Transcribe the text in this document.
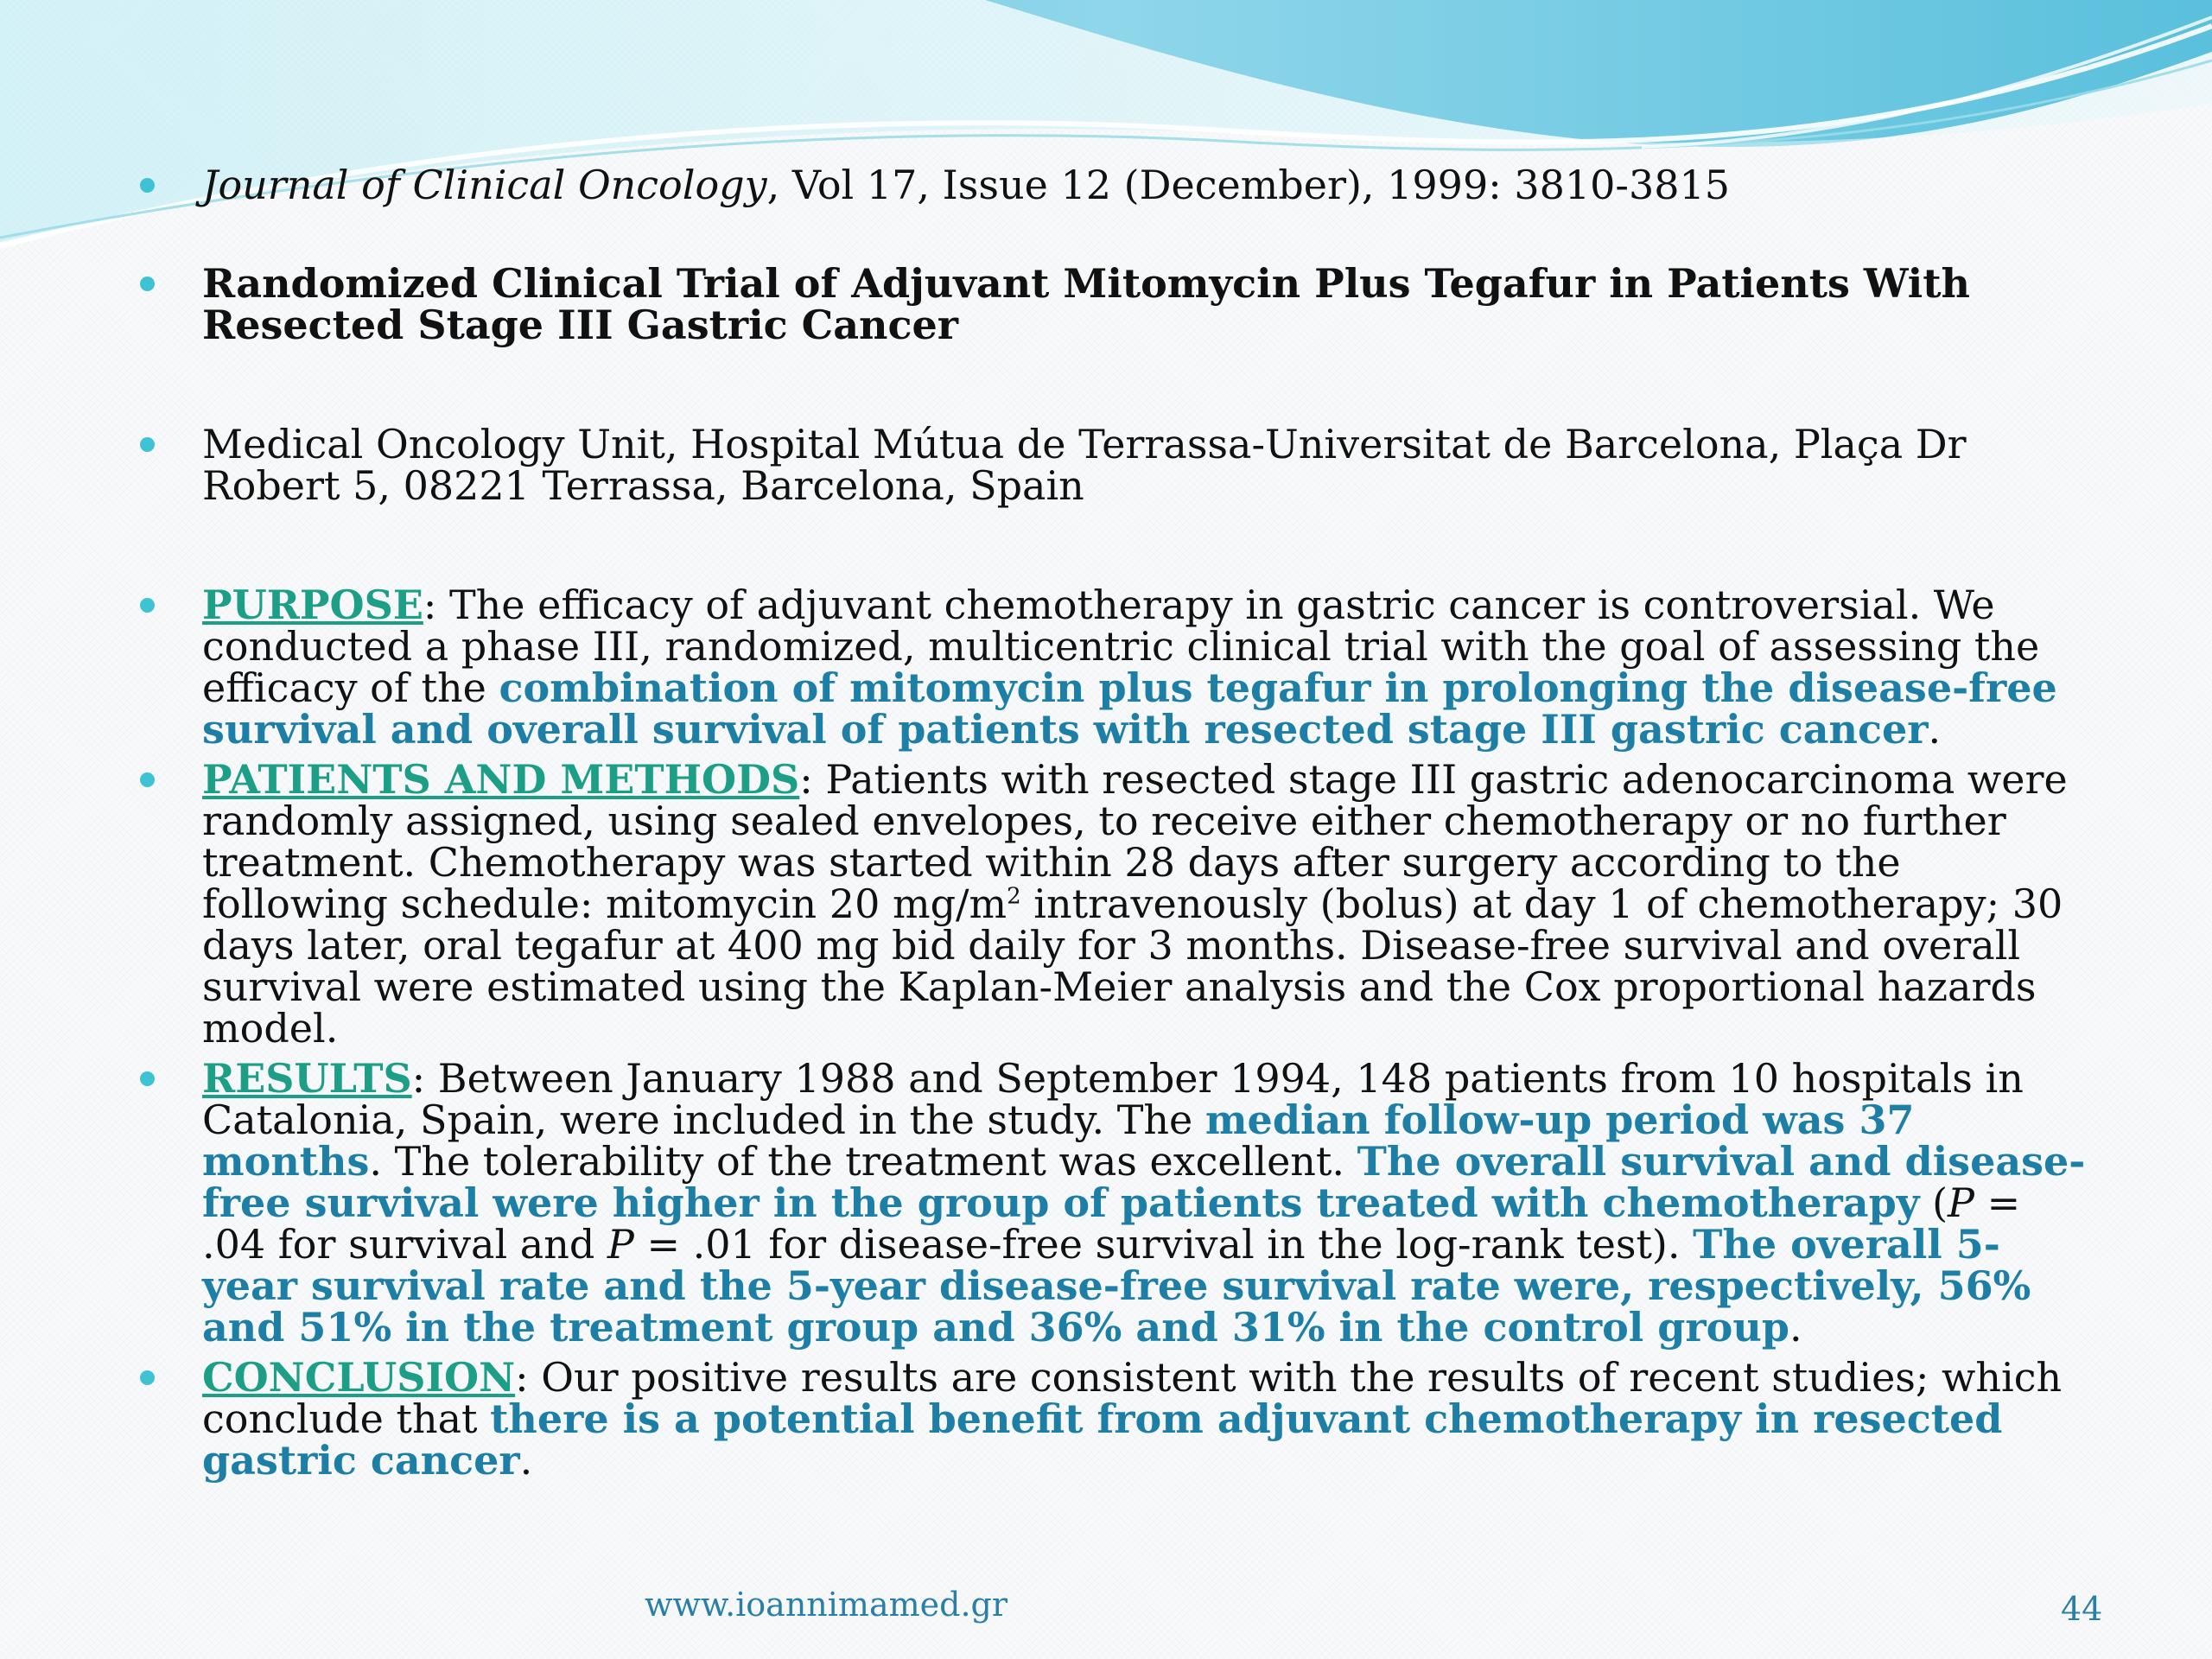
Journal of Clinical Oncology, Vol 17, Issue 12 (December), 1999: 3810-3815
Randomized Clinical Trial of Adjuvant Mitomycin Plus Tegafur in Patients With Resected Stage III Gastric Cancer
Medical Oncology Unit, Hospital Mútua de Terrassa-Universitat de Barcelona, Plaça Dr Robert 5, 08221 Terrassa, Barcelona, Spain
PURPOSE: The efficacy of adjuvant chemotherapy in gastric cancer is controversial. We conducted a phase III, randomized, multicentric clinical trial with the goal of assessing the efficacy of the combination of mitomycin plus tegafur in prolonging the disease-free survival and overall survival of patients with resected stage III gastric cancer.
PATIENTS AND METHODS: Patients with resected stage III gastric adenocarcinoma were randomly assigned, using sealed envelopes, to receive either chemotherapy or no further treatment. Chemotherapy was started within 28 days after surgery according to the following schedule: mitomycin 20 $mg/m^2$ intravenously (bolus) at day 1 of chemotherapy; 30 days later, oral tegafur at 400 mg bid daily for 3 months. Disease-free survival and overall survival were estimated using the Kaplan-Meier analysis and the Cox proportional hazards model.
RESULTS: Between January 1988 and September 1994, 148 patients from 10 hospitals in Catalonia, Spain, were included in the study. The median follow-up period was 37 months. The tolerability of the treatment was excellent. The overall survival and disease-free survival were higher in the group of patients treated with chemotherapy (P = .04 for survival and P = .01 for disease-free survival in the log-rank test). The overall 5-year survival rate and the 5-year disease-free survival rate were, respectively, 56% and 51% in the treatment group and 36% and 31% in the control group.
CONCLUSION: Our positive results are consistent with the results of recent studies; which conclude that there is a potential benefit from adjuvant chemotherapy in resected gastric cancer.
www.ioannimamed.gr	44
